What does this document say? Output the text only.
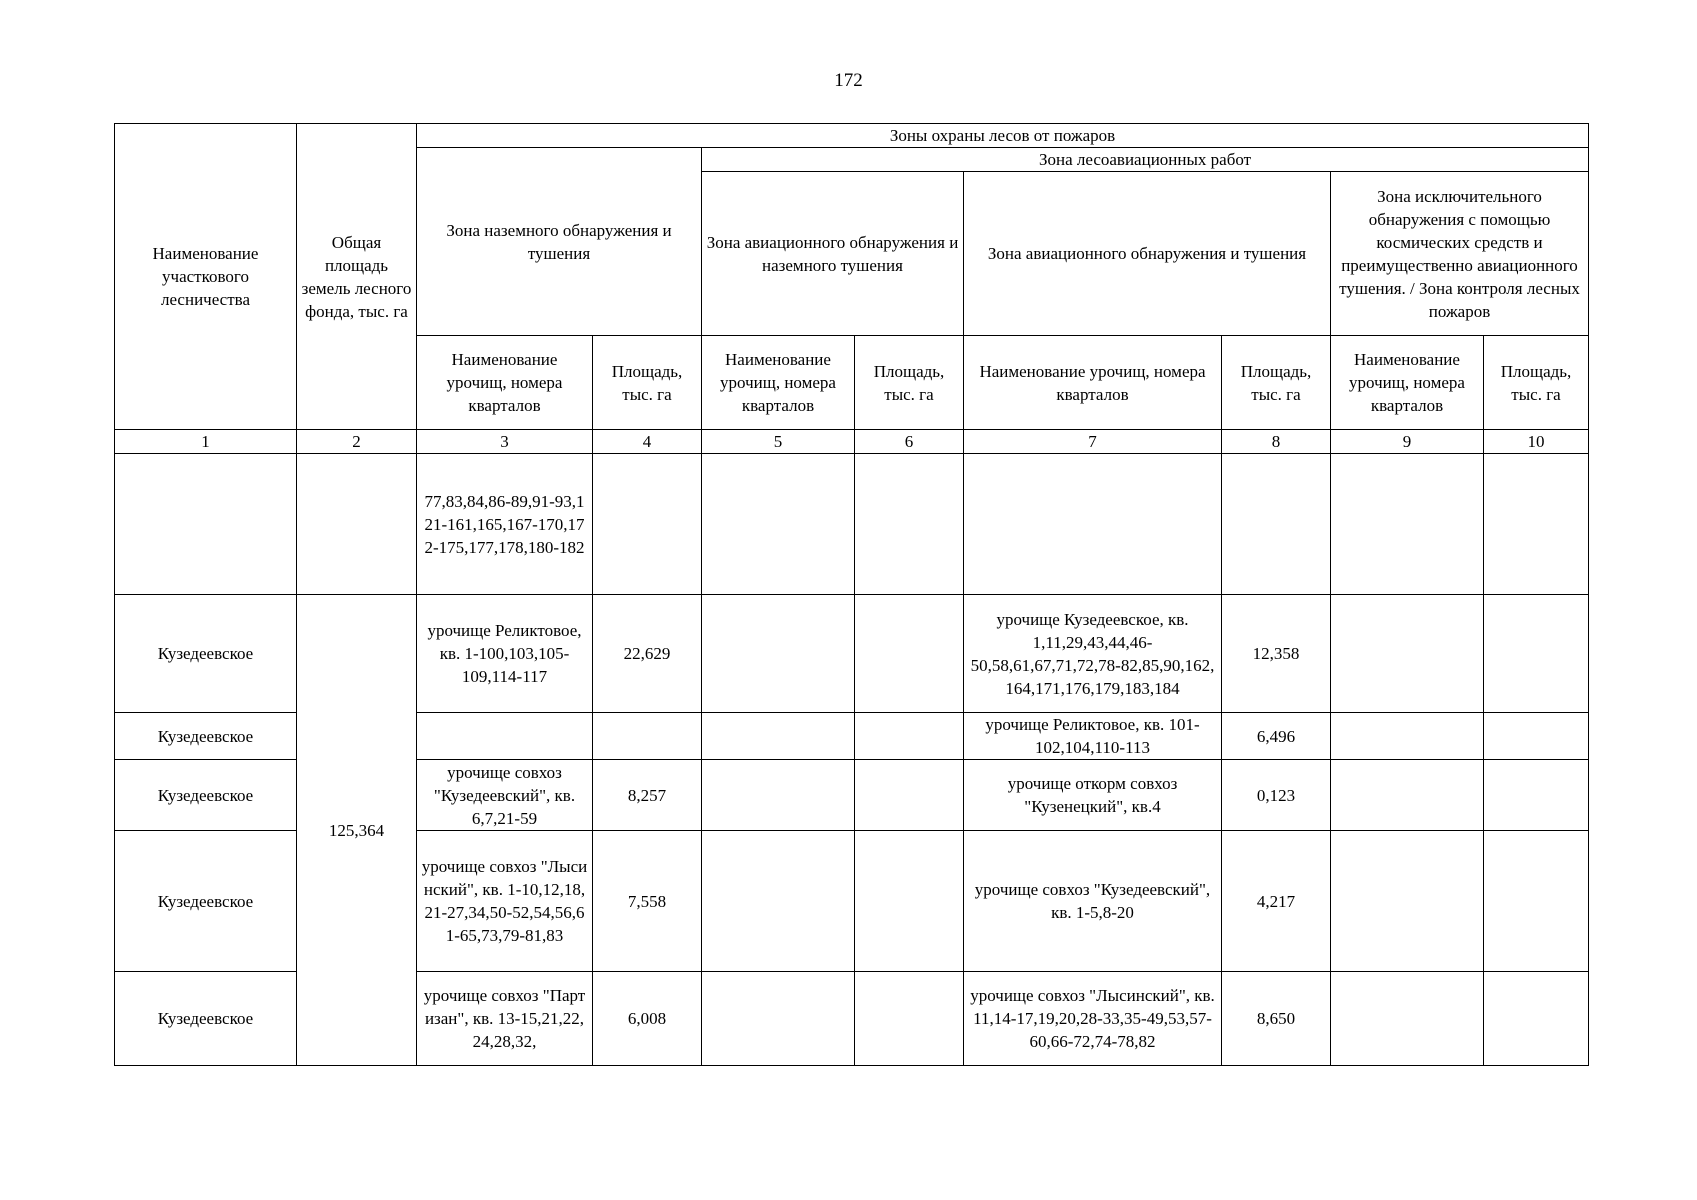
172
Наименование участкового лесничества	Общая площадь земель лесного фонда, тыс. га	Зоны охраны лесов от пожаров							
		Зона наземного обнаружения и тушения		Зона лесоавиационных работ					
				Зона авиационного обнаружения и наземного тушения		Зона авиационного обнаружения и тушения		Зона исключительного обнаружения с помощью космических средств и преимущественно авиационного тушения. / Зона контроля лесных пожаров	
		Наименование урочищ, номера кварталов	Площадь, тыс. га	Наименование урочищ, номера кварталов	Площадь, тыс. га	Наименование урочищ, номера кварталов	Площадь, тыс. га	Наименование урочищ, номера кварталов	Площадь, тыс. га
1	2	3	4	5	6	7	8	9	10
		77,83,84,86-89,91-93,121-161,165,167-170,172-175,177,178,180-182							
Кузедеевское	125,364	урочище Реликтовое, кв. 1-100,103,105-109,114-117	22,629			урочище Кузедеевское, кв. 1,11,29,43,44,46-50,58,61,67,71,72,78-82,85,90,162, 164,171,176,179,183,184	12,358		
Кузедеевское						урочище Реликтовое, кв. 101-102,104,110-113	6,496		
Кузедеевское		урочище совхоз "Кузедеевский", кв. 6,7,21-59	8,257			урочище откорм совхоз "Кузенецкий", кв.4	0,123		
Кузедеевское		урочище совхоз "Лысинский", кв. 1-10,12,18,21-27,34,50-52,54,56,61-65,73,79-81,83	7,558			урочище совхоз "Кузедеевский", кв. 1-5,8-20	4,217		
Кузедеевское		урочище совхоз "Партизан", кв. 13-15,21,22,24,28,32,	6,008			урочище совхоз "Лысинский", кв. 11,14-17,19,20,28-33,35-49,53,57-60,66-72,74-78,82	8,650		
